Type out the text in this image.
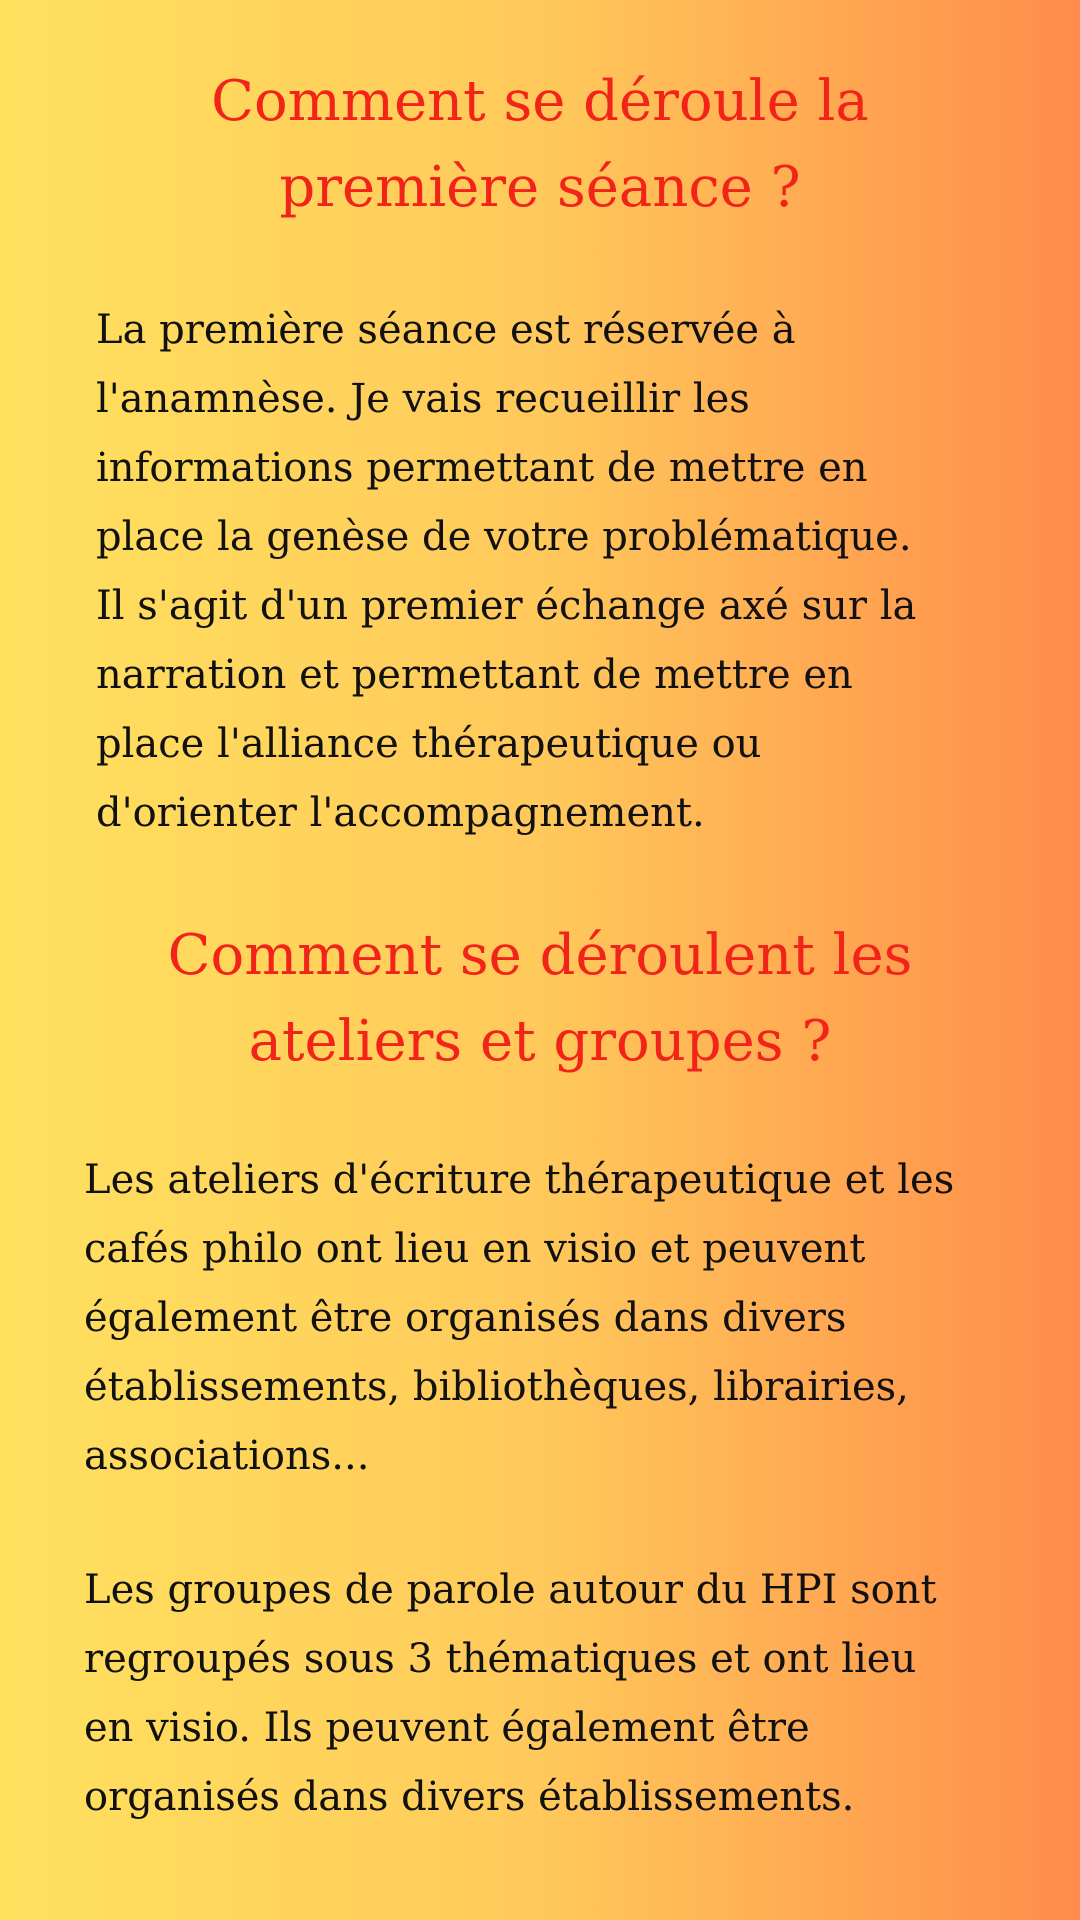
Comment se déroule la
première séance ?

La première séance est réservée à
l'anamnèse. Je vais recueillir les
informations permettant de mettre en
place la genèse de votre problématique.
Il s'agit d'un premier échange axé sur la
narration et permettant de mettre en
place l'alliance thérapeutique ou
d'orienter l'accompagnement.

Comment se déroulent les
ateliers et groupes ?

Les ateliers d'écriture thérapeutique et les
cafés philo ont lieu en visio et peuvent
également être organisés dans divers
établissements, bibliothèques, librairies,
associations...

Les groupes de parole autour du HPI sont
regroupés sous 3 thématiques et ont lieu
en visio. Ils peuvent également être
organisés dans divers établissements.
